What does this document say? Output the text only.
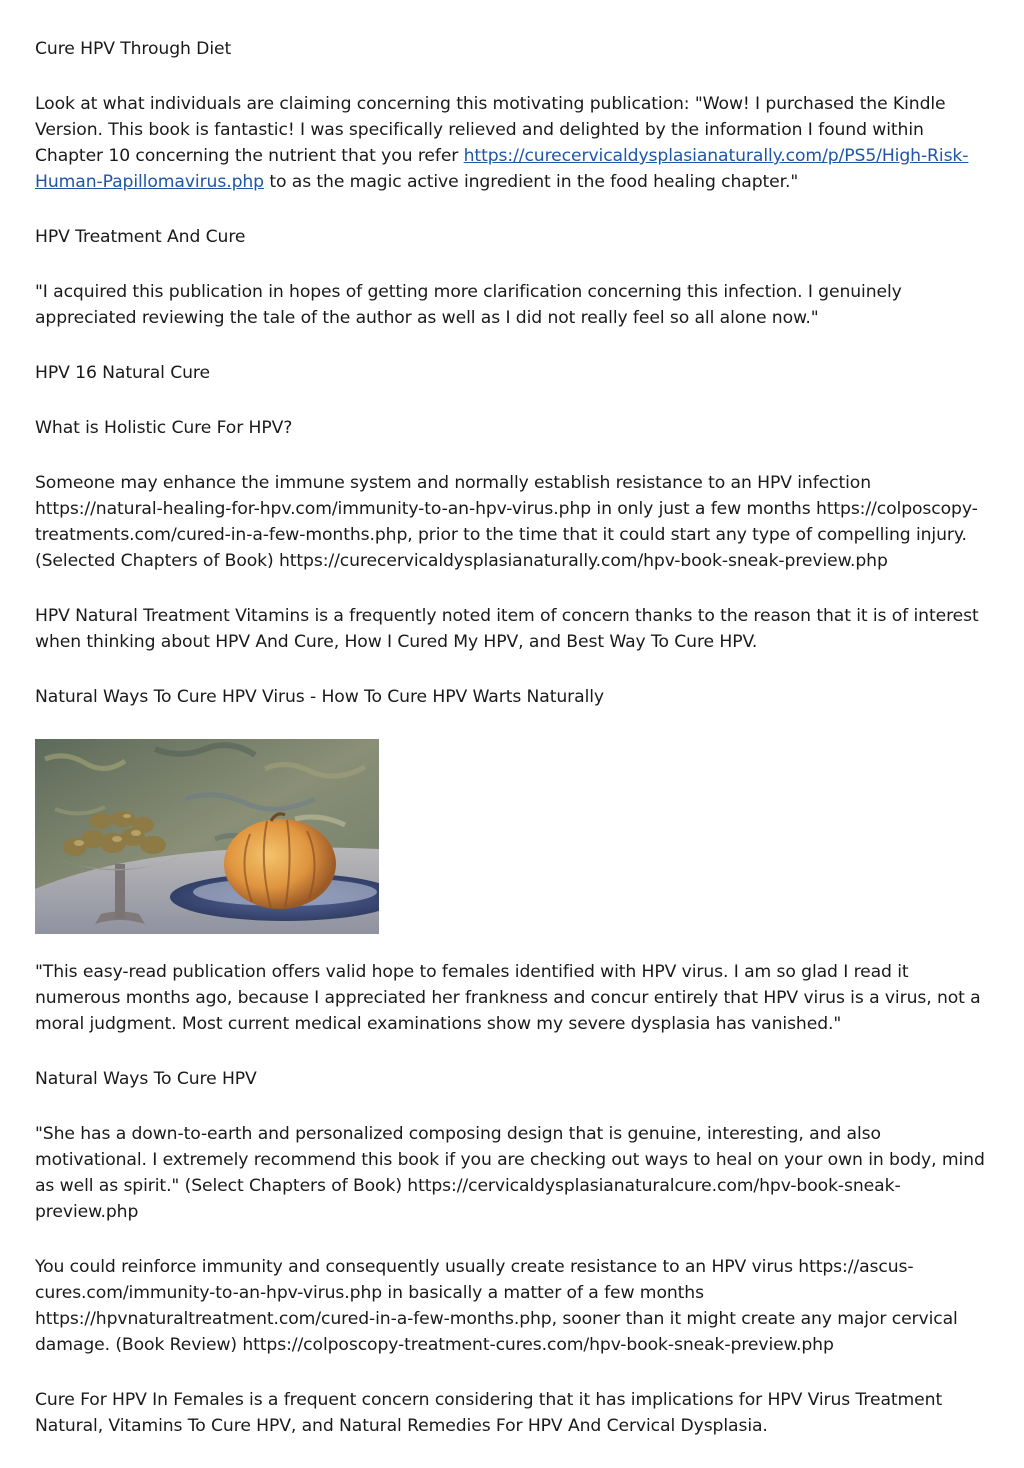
Cure HPV Through Diet

Look at what individuals are claiming concerning this motivating publication: "Wow! I purchased the Kindle Version. This book is fantastic! I was specifically relieved and delighted by the information I found within Chapter 10 concerning the nutrient that you refer https://curecervicaldysplasianaturally.com/p/PS5/High-Risk-Human-Papillomavirus.php to as the magic active ingredient in the food healing chapter."

HPV Treatment And Cure

"I acquired this publication in hopes of getting more clarification concerning this infection. I genuinely appreciated reviewing the tale of the author as well as I did not really feel so all alone now."

HPV 16 Natural Cure

What is Holistic Cure For HPV?

Someone may enhance the immune system and normally establish resistance to an HPV infection https://natural-healing-for-hpv.com/immunity-to-an-hpv-virus.php in only just a few months https://colposcopy-treatments.com/cured-in-a-few-months.php, prior to the time that it could start any type of compelling injury. (Selected Chapters of Book) https://curecervicaldysplasianaturally.com/hpv-book-sneak-preview.php

HPV Natural Treatment Vitamins is a frequently noted item of concern thanks to the reason that it is of interest when thinking about HPV And Cure, How I Cured My HPV, and Best Way To Cure HPV.

Natural Ways To Cure HPV Virus - How To Cure HPV Warts Naturally

"This easy-read publication offers valid hope to females identified with HPV virus. I am so glad I read it numerous months ago, because I appreciated her frankness and concur entirely that HPV virus is a virus, not a moral judgment. Most current medical examinations show my severe dysplasia has vanished."

Natural Ways To Cure HPV

"She has a down-to-earth and personalized composing design that is genuine, interesting, and also motivational. I extremely recommend this book if you are checking out ways to heal on your own in body, mind as well as spirit." (Select Chapters of Book) https://cervicaldysplasianaturalcure.com/hpv-book-sneak-preview.php

You could reinforce immunity and consequently usually create resistance to an HPV virus https://ascus-cures.com/immunity-to-an-hpv-virus.php in basically a matter of a few months https://hpvnaturaltreatment.com/cured-in-a-few-months.php, sooner than it might create any major cervical damage. (Book Review) https://colposcopy-treatment-cures.com/hpv-book-sneak-preview.php

Cure For HPV In Females is a frequent concern considering that it has implications for HPV Virus Treatment Natural, Vitamins To Cure HPV, and Natural Remedies For HPV And Cervical Dysplasia.
